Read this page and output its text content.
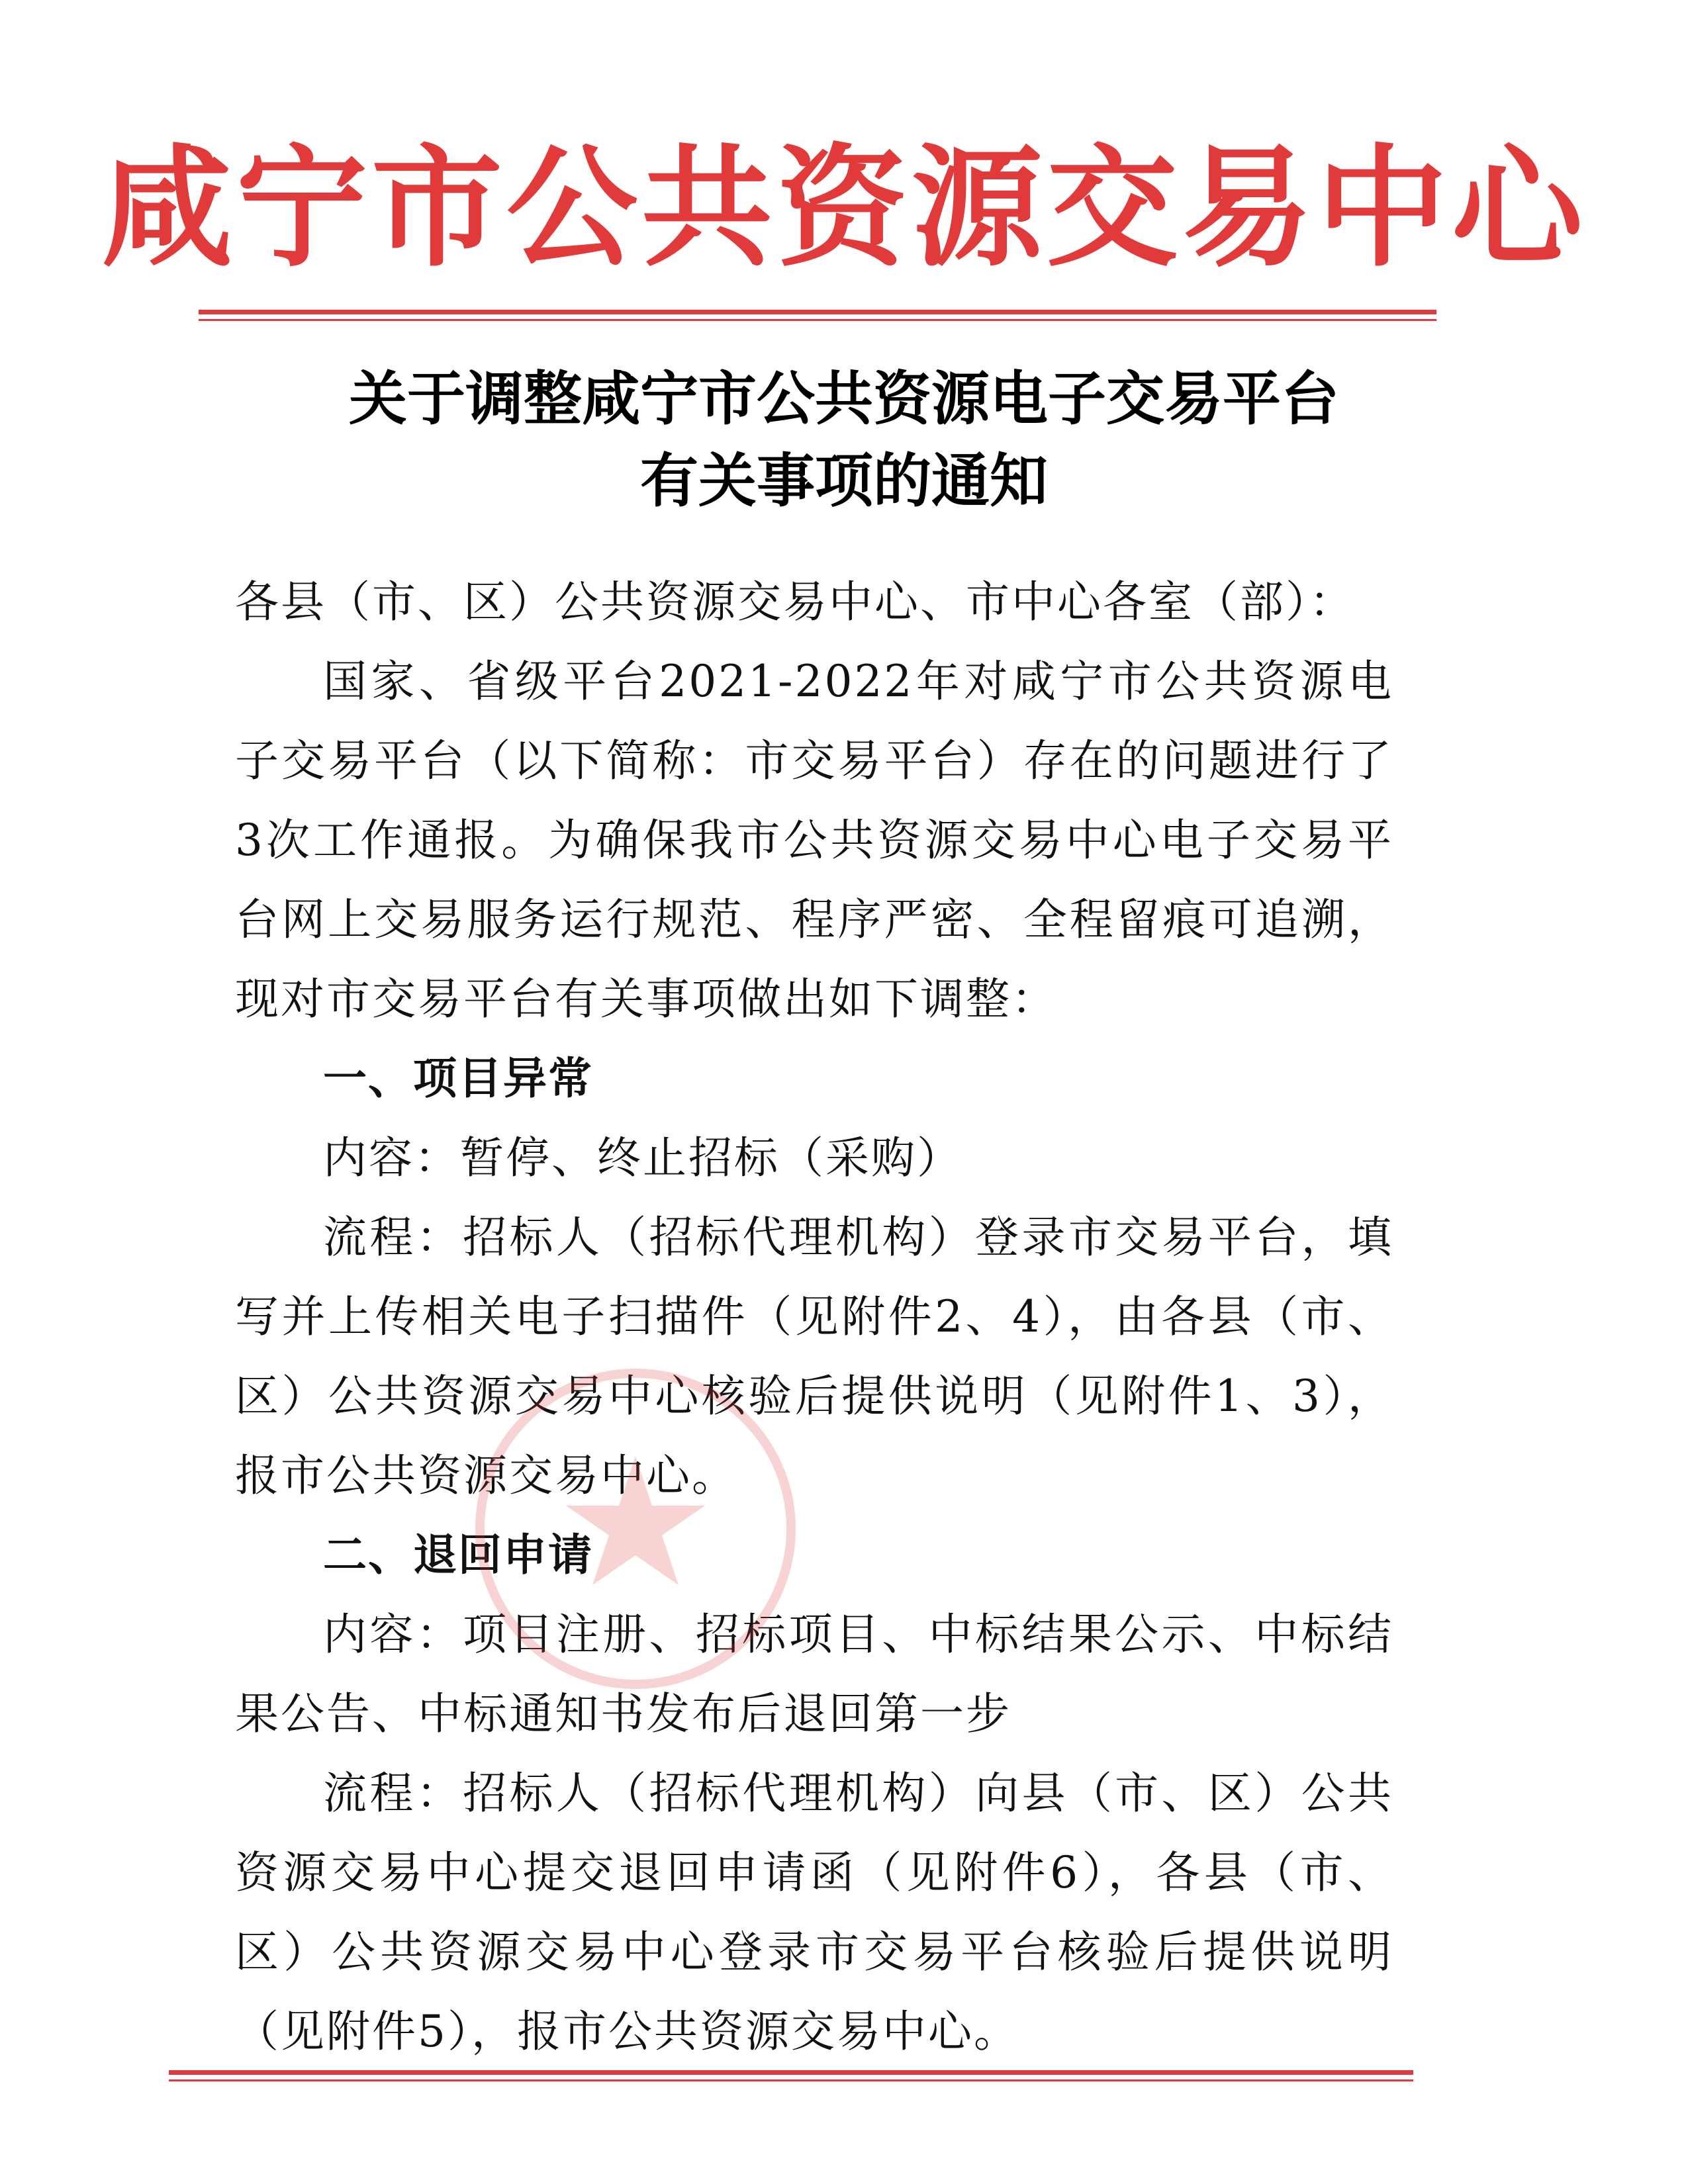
咸宁市公共资源交易中心
关于调整咸宁市公共资源电子交易平台
有关事项的通知

各县（市、区）公共资源交易中心、市中心各室（部）：

国家、省级平台2021-2022年对咸宁市公共资源电子交易平台（以下简称：市交易平台）存在的问题进行了3次工作通报。为确保我市公共资源交易中心电子交易平台网上交易服务运行规范、程序严密、全程留痕可追溯，现对市交易平台有关事项做出如下调整：

一、项目异常

内容：暂停、终止招标（采购）

流程：招标人（招标代理机构）登录市交易平台，填写并上传相关电子扫描件（见附件2、4），由各县（市、区）公共资源交易中心核验后提供说明（见附件1、3），报市公共资源交易中心。

二、退回申请

内容：项目注册、招标项目、中标结果公示、中标结果公告、中标通知书发布后退回第一步

流程：招标人（招标代理机构）向县（市、区）公共资源交易中心提交退回申请函（见附件6），各县（市、区）公共资源交易中心登录市交易平台核验后提供说明（见附件5），报市公共资源交易中心。
